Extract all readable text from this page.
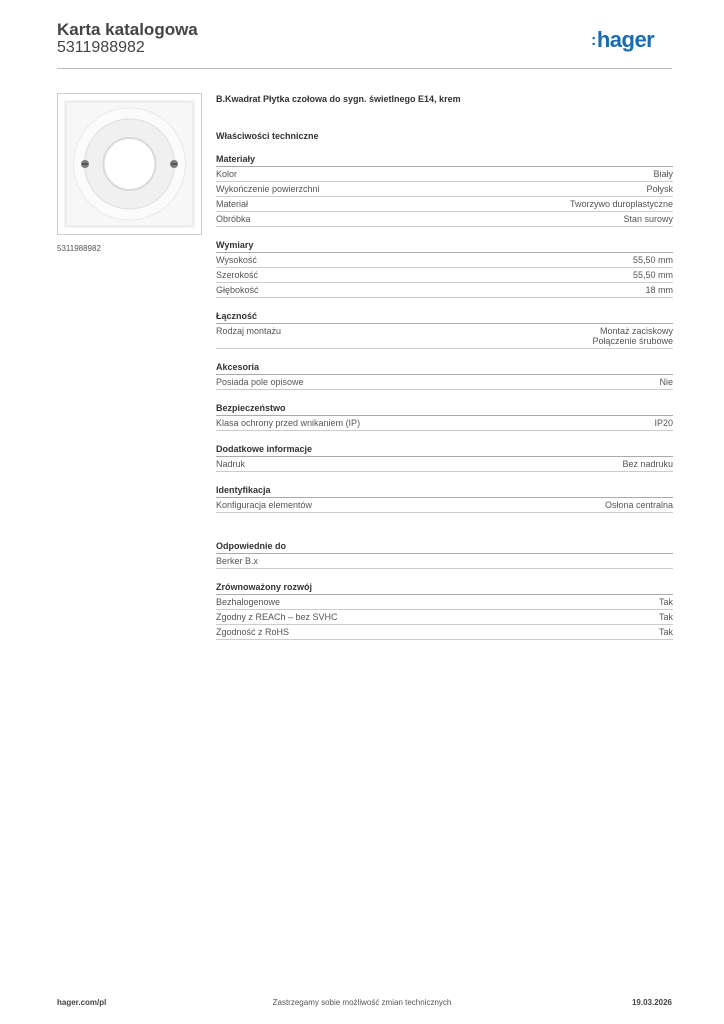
Karta katalogowa
5311988982	:hager
5311988982
B.Kwadrat Płytka czołowa do sygn. świetlnego E14, krem
Właściwości techniczne
Materiały
Kolor	Biały
Wykończenie powierzchni	Połysk
Materiał	Tworzywo duroplastyczne
Obróbka	Stan surowy
Wymiary
Wysokość	55,50 mm
Szerokość	55,50 mm
Głębokość	18 mm
Łączność
Rodzaj montażu	Montaż zaciskowy
Połączenie śrubowe
Akcesoria
Posiada pole opisowe	Nie
Bezpieczeństwo
Klasa ochrony przed wnikaniem (IP)	IP20
Dodatkowe informacje
Nadruk	Bez nadruku
Identyfikacja
Konfiguracja elementów	Osłona centralna
Odpowiednie do
Berker B.x
Zrównoważony rozwój
Bezhalogenowe	Tak
Zgodny z REACh – bez SVHC	Tak
Zgodność z RoHS	Tak
hager.com/pl	Zastrzegamy sobie możliwość zmian technicznych	19.03.2026
